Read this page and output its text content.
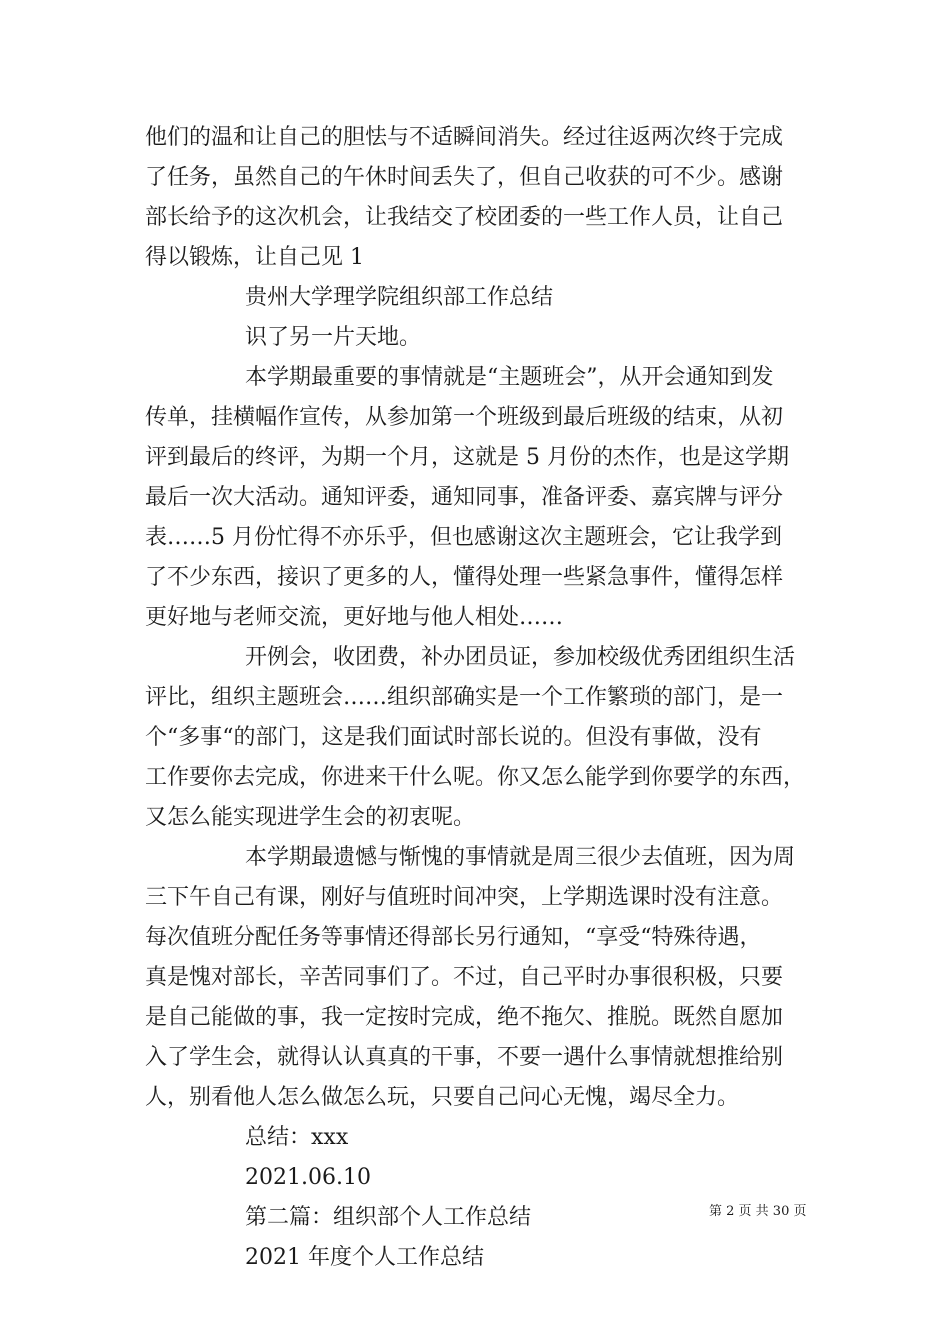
他们的温和让自己的胆怯与不适瞬间消失。经过往返两次终于完成
了任务，虽然自己的午休时间丢失了，但自己收获的可不少。感谢
部长给予的这次机会，让我结交了校团委的一些工作人员，让自己
得以锻炼，让自己见 1
贵州大学理学院组织部工作总结
识了另一片天地。
本学期最重要的事情就是“主题班会”，从开会通知到发
传单，挂横幅作宣传，从参加第一个班级到最后班级的结束，从初
评到最后的终评，为期一个月，这就是 5 月份的杰作，也是这学期
最后一次大活动。通知评委，通知同事，准备评委、嘉宾牌与评分
表……5 月份忙得不亦乐乎，但也感谢这次主题班会，它让我学到
了不少东西，接识了更多的人，懂得处理一些紧急事件，懂得怎样
更好地与老师交流，更好地与他人相处……
开例会，收团费，补办团员证，参加校级优秀团组织生活
评比，组织主题班会……组织部确实是一个工作繁琐的部门，是一
个“多事“的部门，这是我们面试时部长说的。但没有事做，没有
工作要你去完成，你进来干什么呢。你又怎么能学到你要学的东西，
又怎么能实现进学生会的初衷呢。
本学期最遗憾与惭愧的事情就是周三很少去值班，因为周
三下午自己有课，刚好与值班时间冲突，上学期选课时没有注意。
每次值班分配任务等事情还得部长另行通知，“享受“特殊待遇，
真是愧对部长，辛苦同事们了。不过，自己平时办事很积极，只要
是自己能做的事，我一定按时完成，绝不拖欠、推脱。既然自愿加
入了学生会，就得认认真真的干事，不要一遇什么事情就想推给别
人，别看他人怎么做怎么玩，只要自己问心无愧，竭尽全力。
总结：xxx
2021.06.10
第二篇：组织部个人工作总结
2021 年度个人工作总结
第 2 页 共 30 页
